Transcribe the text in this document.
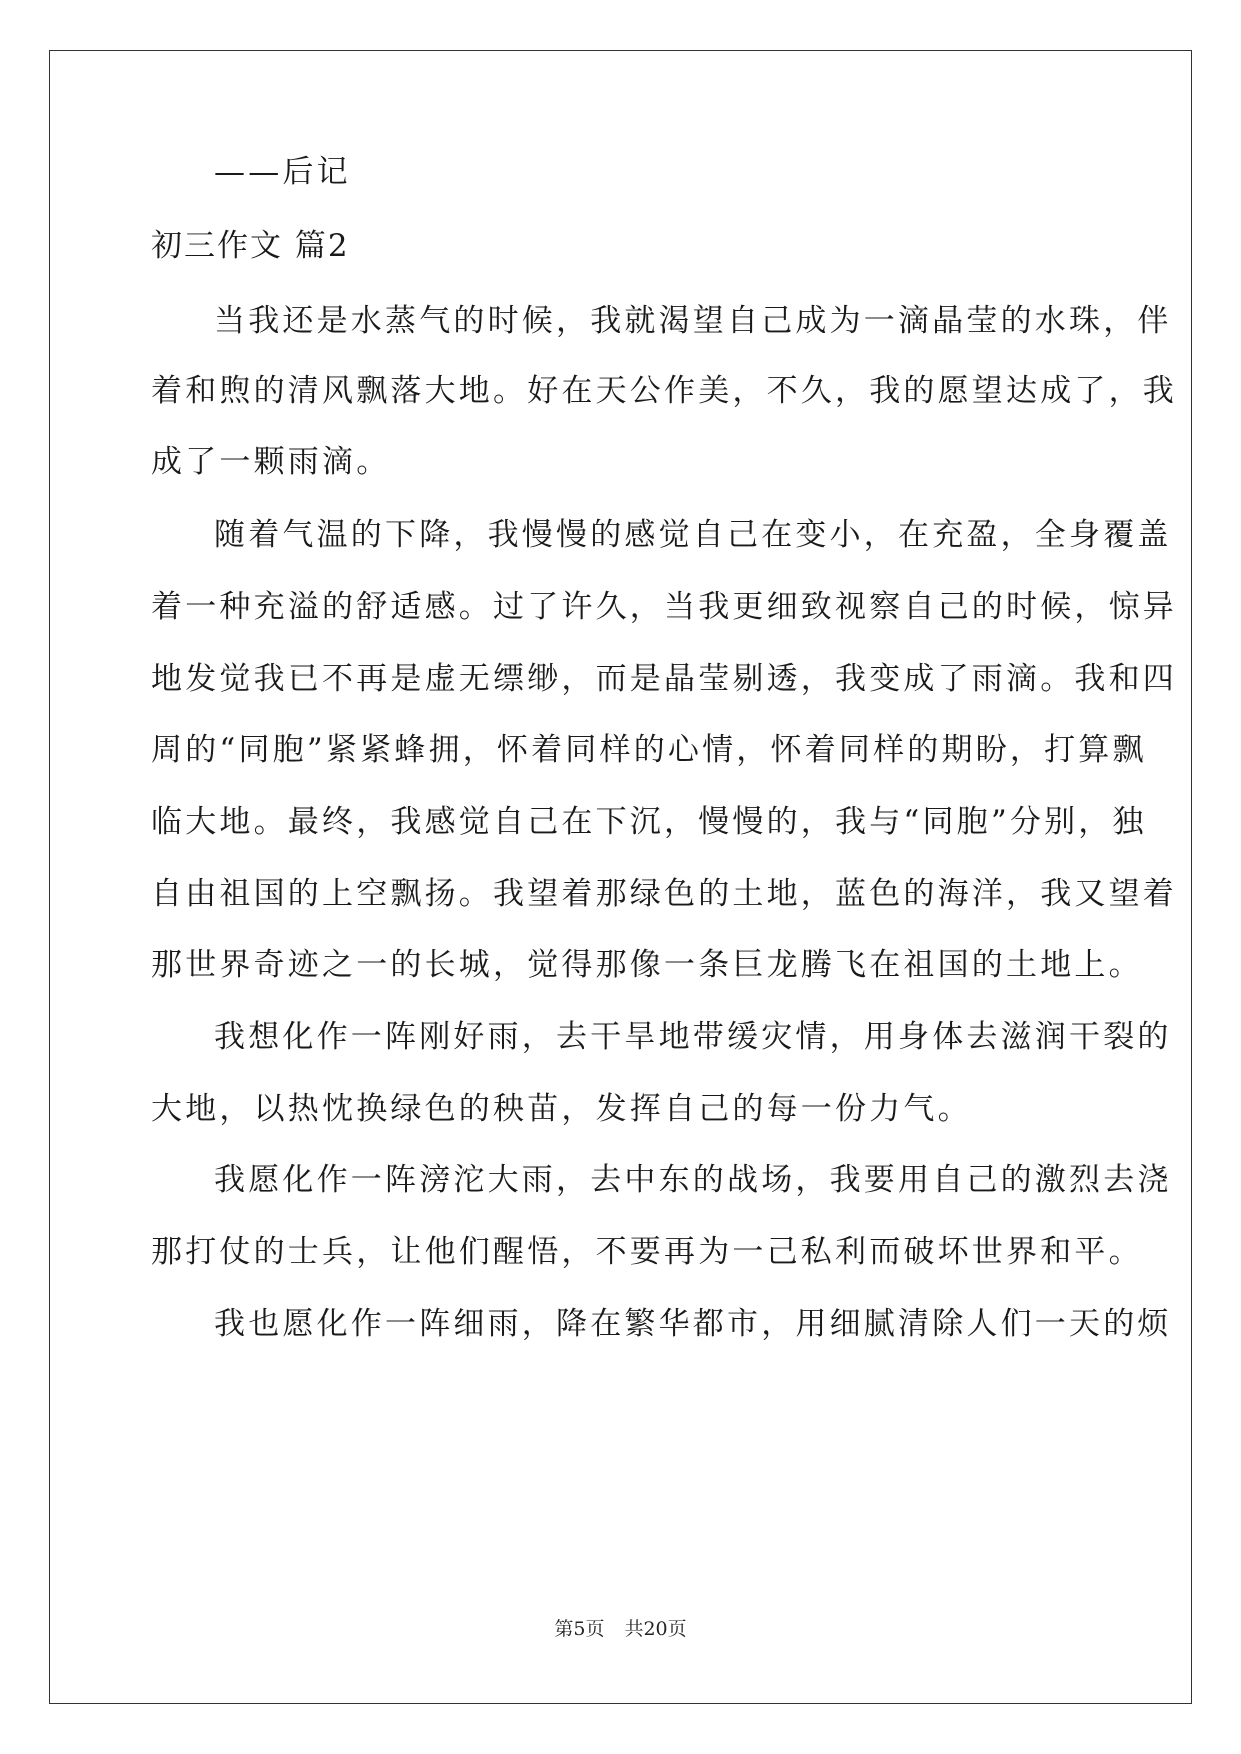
——后记
初三作文 篇2
当我还是水蒸气的时候，我就渴望自己成为一滴晶莹的水珠，伴
着和煦的清风飘落大地。好在天公作美，不久，我的愿望达成了，我
成了一颗雨滴。
随着气温的下降，我慢慢的感觉自己在变小，在充盈，全身覆盖
着一种充溢的舒适感。过了许久，当我更细致视察自己的时候，惊异
地发觉我已不再是虚无缥缈，而是晶莹剔透，我变成了雨滴。我和四
周的“同胞”紧紧蜂拥，怀着同样的心情，怀着同样的期盼，打算飘
临大地。最终，我感觉自己在下沉，慢慢的，我与“同胞”分别，独
自由祖国的上空飘扬。我望着那绿色的土地，蓝色的海洋，我又望着
那世界奇迹之一的长城，觉得那像一条巨龙腾飞在祖国的土地上。
我想化作一阵刚好雨，去干旱地带缓灾情，用身体去滋润干裂的
大地，以热忱换绿色的秧苗，发挥自己的每一份力气。
我愿化作一阵滂沱大雨，去中东的战场，我要用自己的激烈去浇
那打仗的士兵，让他们醒悟，不要再为一己私利而破坏世界和平。
我也愿化作一阵细雨，降在繁华都市，用细腻清除人们一天的烦
第5页 共20页
